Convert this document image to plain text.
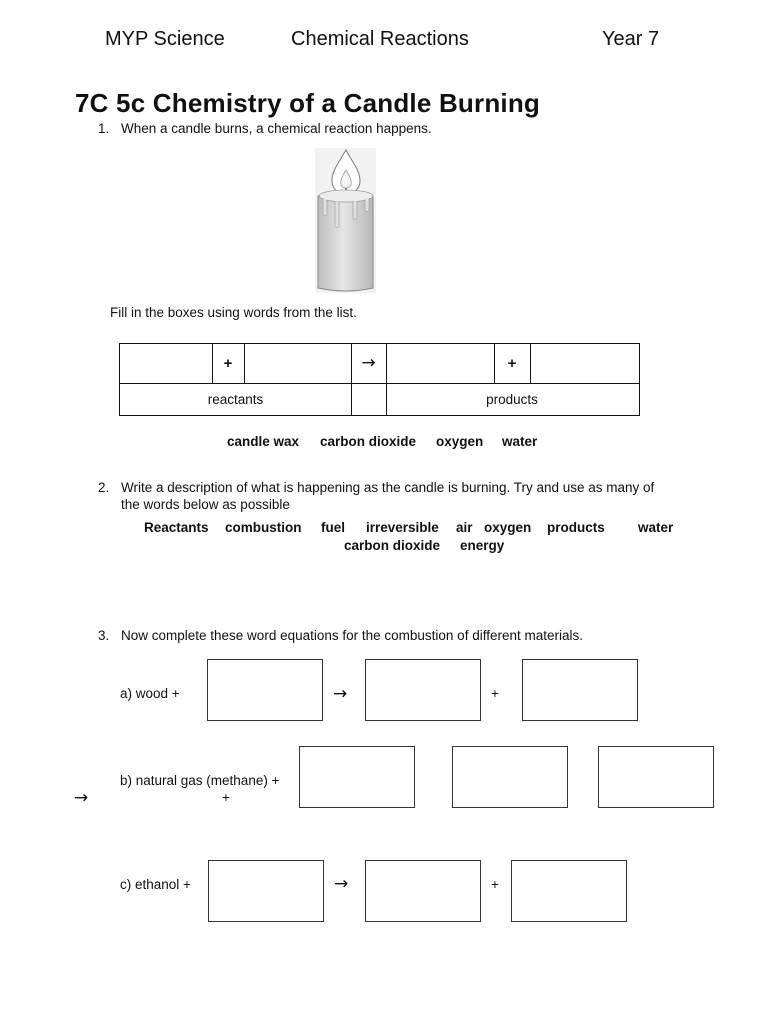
MYP Science	Chemical Reactions	Year 7
7C 5c Chemistry of a Candle Burning
1. When a candle burns, a chemical reaction happens.
Fill in the boxes using words from the list.
+	→	+
reactants	products
candle wax carbon dioxide oxygen water
2. Write a description of what is happening as the candle is burning. Try and use as many of
the words below as possible
Reactants combustion fuel irreversible air oxygen products water
carbon dioxide energy
3. Now complete these word equations for the combustion of different materials.
a) wood +	→	+
b) natural gas (methane) +
→	+
c) ethanol +	→	+
